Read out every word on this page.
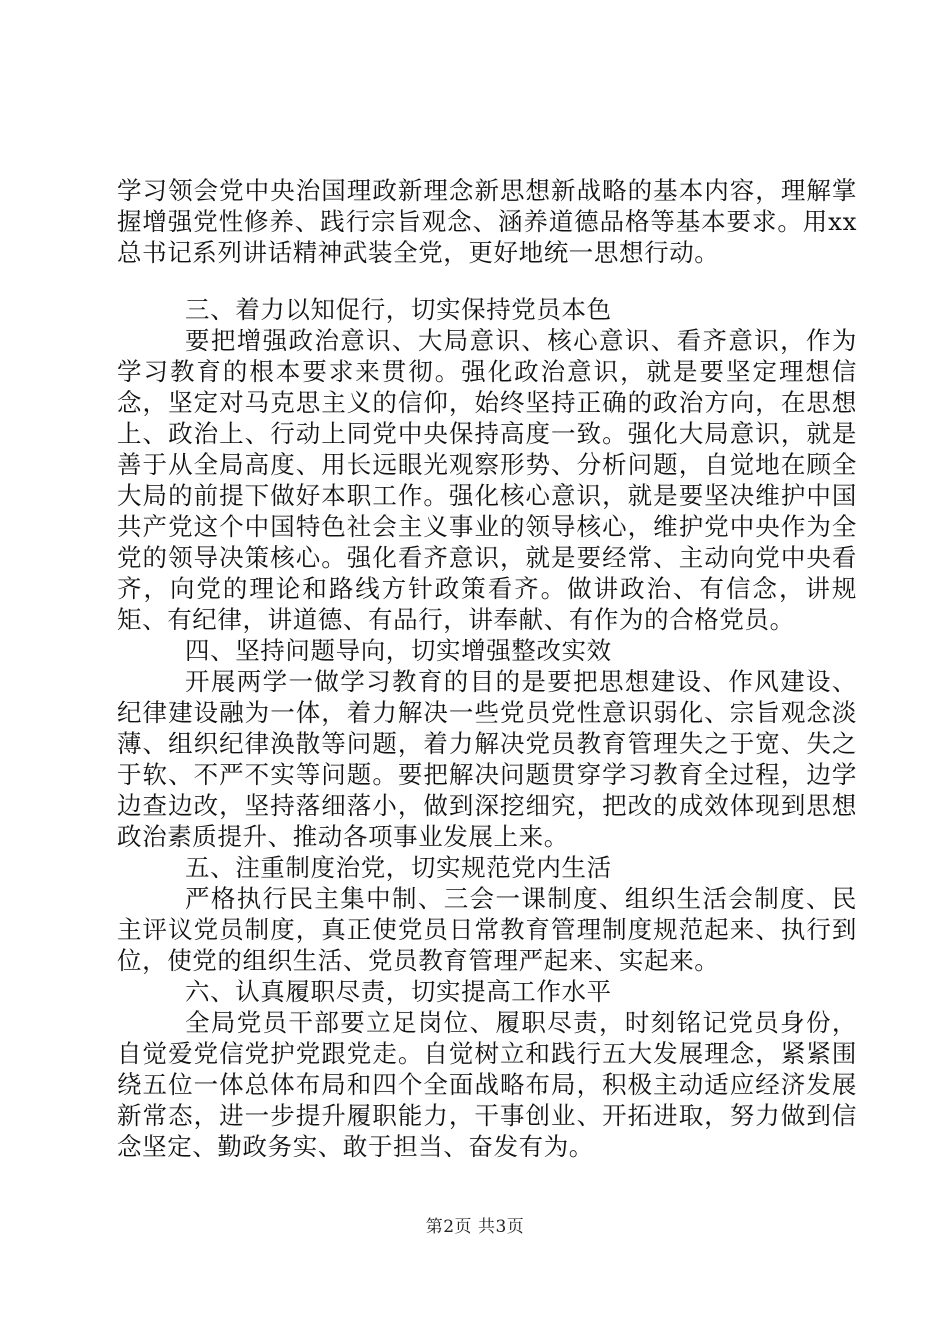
学习领会党中央治国理政新理念新思想新战略的基本内容，理解掌握增强党性修养、践行宗旨观念、涵养道德品格等基本要求。用xx总书记系列讲话精神武装全党，更好地统一思想行动。

三、着力以知促行，切实保持党员本色

要把增强政治意识、大局意识、核心意识、看齐意识，作为学习教育的根本要求来贯彻。强化政治意识，就是要坚定理想信念，坚定对马克思主义的信仰，始终坚持正确的政治方向，在思想上、政治上、行动上同党中央保持高度一致。强化大局意识，就是善于从全局高度、用长远眼光观察形势、分析问题，自觉地在顾全大局的前提下做好本职工作。强化核心意识，就是要坚决维护中国共产党这个中国特色社会主义事业的领导核心，维护党中央作为全党的领导决策核心。强化看齐意识，就是要经常、主动向党中央看齐，向党的理论和路线方针政策看齐。做讲政治、有信念，讲规矩、有纪律，讲道德、有品行，讲奉献、有作为的合格党员。

四、坚持问题导向，切实增强整改实效

开展两学一做学习教育的目的是要把思想建设、作风建设、纪律建设融为一体，着力解决一些党员党性意识弱化、宗旨观念淡薄、组织纪律涣散等问题，着力解决党员教育管理失之于宽、失之于软、不严不实等问题。要把解决问题贯穿学习教育全过程，边学边查边改，坚持落细落小，做到深挖细究，把改的成效体现到思想政治素质提升、推动各项事业发展上来。

五、注重制度治党，切实规范党内生活

严格执行民主集中制、三会一课制度、组织生活会制度、民主评议党员制度，真正使党员日常教育管理制度规范起来、执行到位，使党的组织生活、党员教育管理严起来、实起来。

六、认真履职尽责，切实提高工作水平

全局党员干部要立足岗位、履职尽责，时刻铭记党员身份，自觉爱党信党护党跟党走。自觉树立和践行五大发展理念，紧紧围绕五位一体总体布局和四个全面战略布局，积极主动适应经济发展新常态，进一步提升履职能力，干事创业、开拓进取，努力做到信念坚定、勤政务实、敢于担当、奋发有为。

第2页 共3页
